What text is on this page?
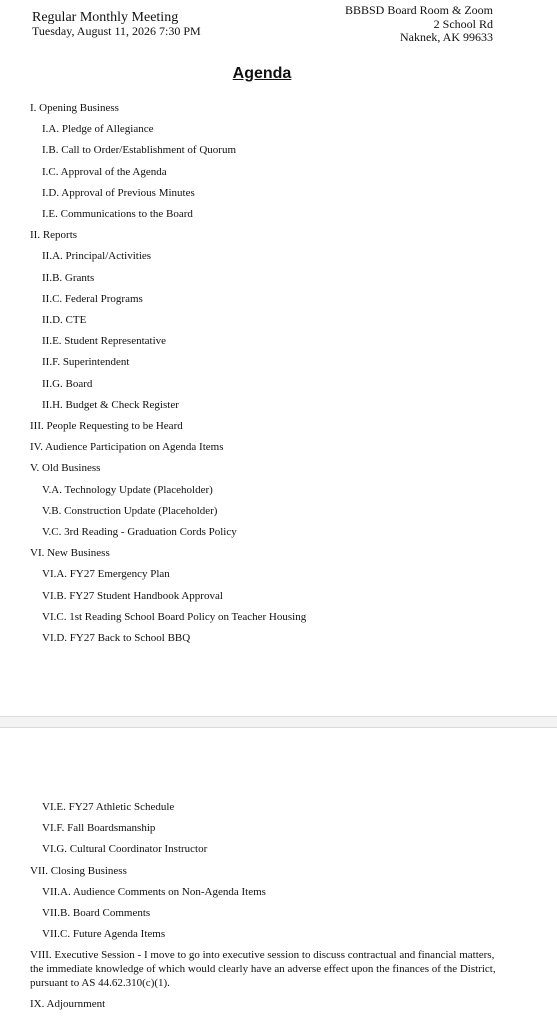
Regular Monthly Meeting
Tuesday, August 11, 2026 7:30 PM
BBBSD Board Room & Zoom
2 School Rd
Naknek, AK 99633
Agenda
I. Opening Business
I.A. Pledge of Allegiance
I.B. Call to Order/Establishment of Quorum
I.C. Approval of the Agenda
I.D. Approval of Previous Minutes
I.E. Communications to the Board
II. Reports
II.A. Principal/Activities
II.B. Grants
II.C. Federal Programs
II.D. CTE
II.E. Student Representative
II.F. Superintendent
II.G. Board
II.H. Budget & Check Register
III. People Requesting to be Heard
IV. Audience Participation on Agenda Items
V. Old Business
V.A. Technology Update (Placeholder)
V.B. Construction Update (Placeholder)
V.C. 3rd Reading - Graduation Cords Policy
VI. New Business
VI.A. FY27 Emergency Plan
VI.B. FY27 Student Handbook Approval
VI.C. 1st Reading School Board Policy on Teacher Housing
VI.D. FY27 Back to School BBQ
VI.E. FY27 Athletic Schedule
VI.F. Fall Boardsmanship
VI.G. Cultural Coordinator Instructor
VII. Closing Business
VII.A. Audience Comments on Non-Agenda Items
VII.B. Board Comments
VII.C. Future Agenda Items
VIII. Executive Session - I move to go into executive session to discuss contractual and financial matters, the immediate knowledge of which would clearly have an adverse effect upon the finances of the District, pursuant to AS 44.62.310(c)(1).
IX. Adjournment
